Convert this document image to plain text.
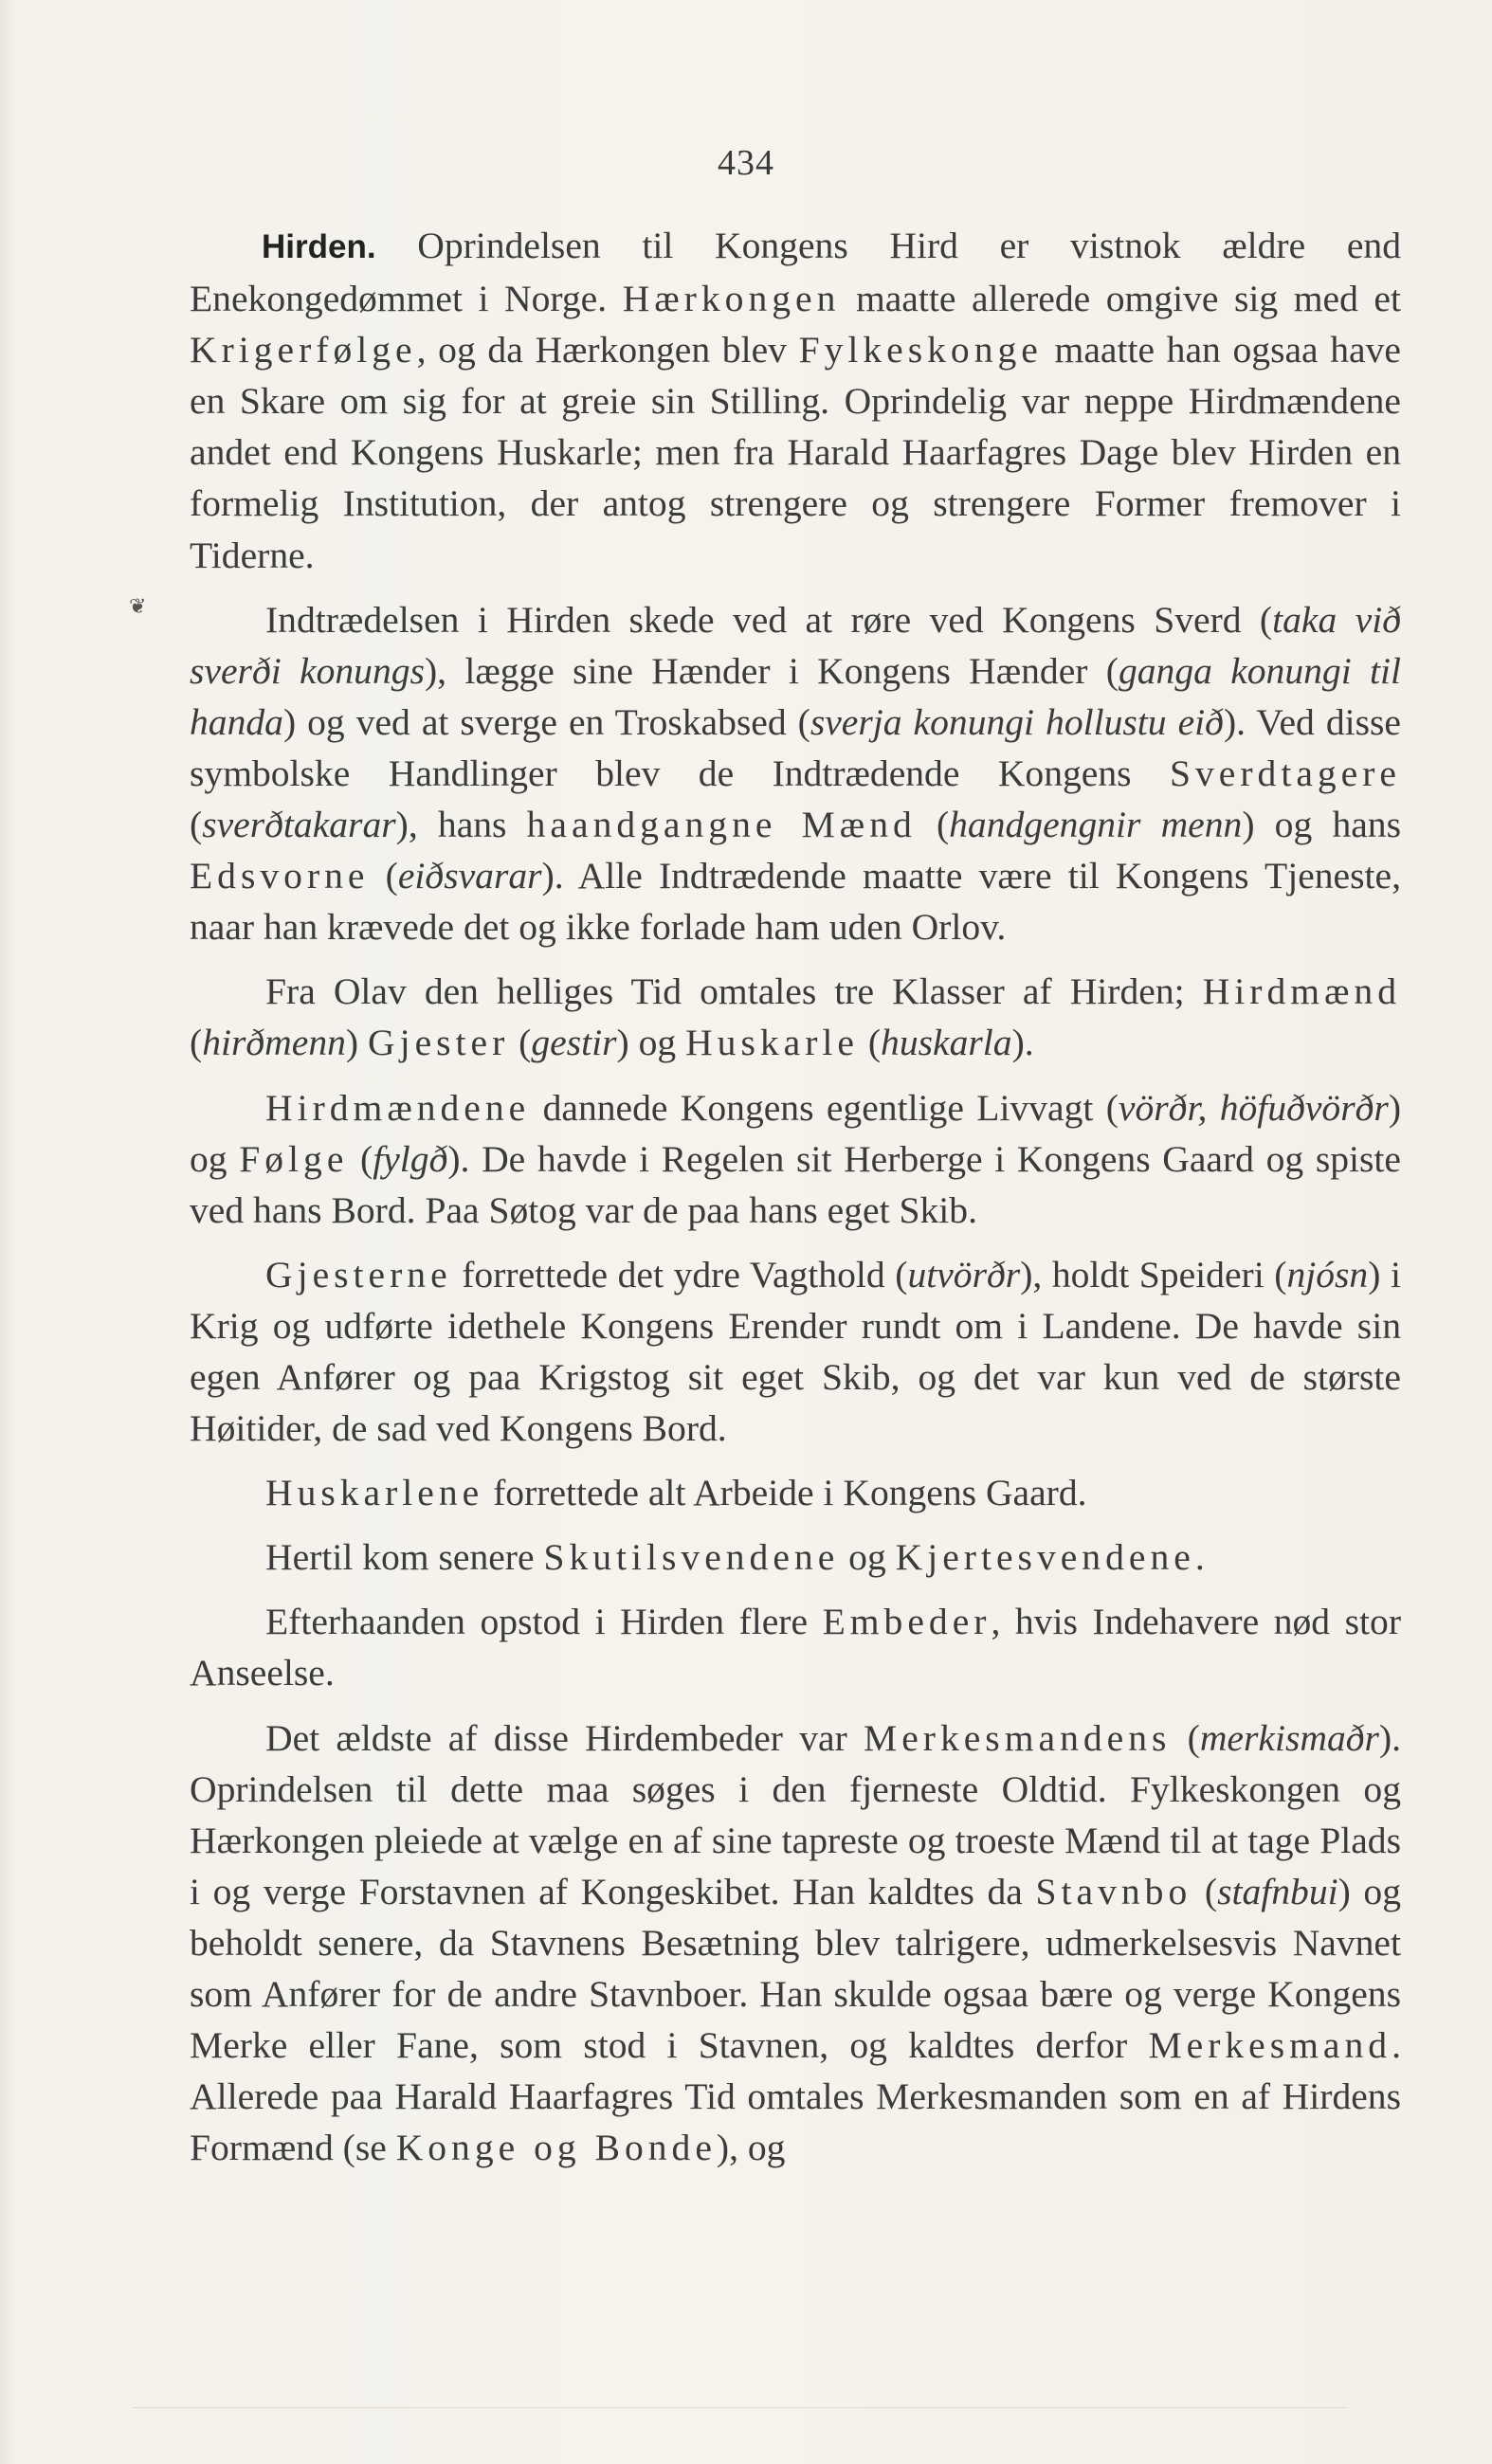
434
❦

Hirden. Oprindelsen til Kongens Hird er vistnok ældre end Enekongedømmet i Norge. Hærkongen maatte allerede omgive sig med et Krigerfølge, og da Hærkongen blev Fylkeskonge maatte han ogsaa have en Skare om sig for at greie sin Stilling. Oprindelig var neppe Hirdmændene andet end Kongens Huskarle; men fra Harald Haarfagres Dage blev Hirden en formelig Institution, der antog strengere og strengere Former fremover i Tiderne.

Indtrædelsen i Hirden skede ved at røre ved Kongens Sverd (taka við sverði konungs), lægge sine Hænder i Kongens Hænder (ganga konungi til handa) og ved at sverge en Troskabsed (sverja konungi hollustu eið). Ved disse symbolske Handlinger blev de Indtrædende Kongens Sverdtagere (sverðtakarar), hans haandgangne Mænd (handgengnir menn) og hans Edsvorne (eiðsvarar). Alle Indtrædende maatte være til Kongens Tjeneste, naar han krævede det og ikke forlade ham uden Orlov.

Fra Olav den helliges Tid omtales tre Klasser af Hirden; Hirdmænd (hirðmenn) Gjester (gestir) og Huskarle (huskarla).

Hirdmændene dannede Kongens egentlige Livvagt (vörðr, höfuðvörðr) og Følge (fylgð). De havde i Regelen sit Herberge i Kongens Gaard og spiste ved hans Bord. Paa Søtog var de paa hans eget Skib.

Gjesterne forrettede det ydre Vagthold (utvörðr), holdt Speideri (njósn) i Krig og udførte idethele Kongens Erender rundt om i Landene. De havde sin egen Anfører og paa Krigstog sit eget Skib, og det var kun ved de største Høitider, de sad ved Kongens Bord.

Huskarlene forrettede alt Arbeide i Kongens Gaard.

Hertil kom senere Skutilsvendene og Kjertesvendene.

Efterhaanden opstod i Hirden flere Embeder, hvis Indehavere nød stor Anseelse.

Det ældste af disse Hirdembeder var Merkesmandens (merkismaðr). Oprindelsen til dette maa søges i den fjerneste Oldtid. Fylkeskongen og Hærkongen pleiede at vælge en af sine tapreste og troeste Mænd til at tage Plads i og verge Forstavnen af Kongeskibet. Han kaldtes da Stavnbo (stafnbui) og beholdt senere, da Stavnens Besætning blev talrigere, udmerkelsesvis Navnet som Anfører for de andre Stavnboer. Han skulde ogsaa bære og verge Kongens Merke eller Fane, som stod i Stavnen, og kaldtes derfor Merkesmand. Allerede paa Harald Haarfagres Tid omtales Merkesmanden som en af Hirdens Formænd (se Konge og Bonde), og
